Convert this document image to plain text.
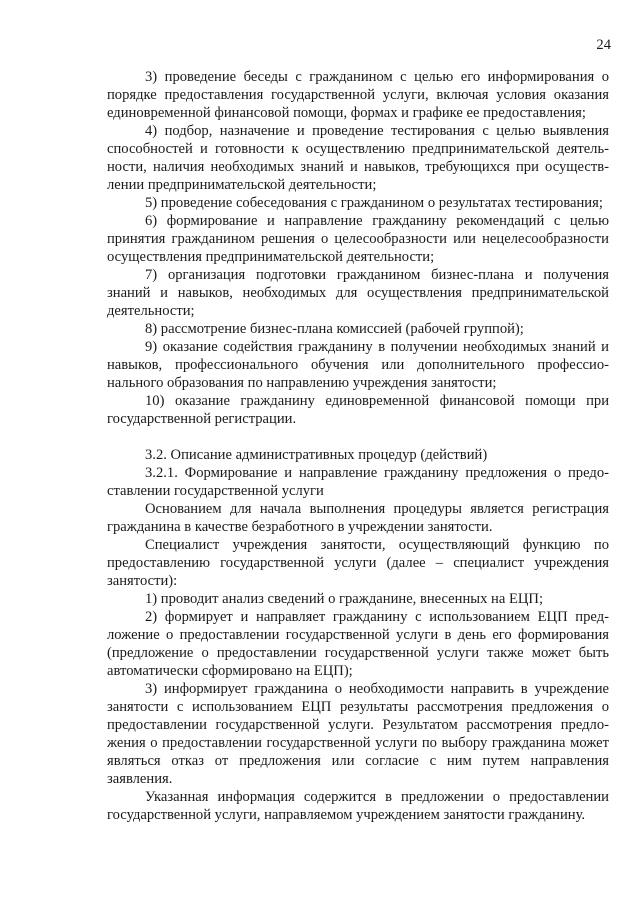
24

3) проведение беседы с гражданином с целью его информирования о порядке предоставления государственной услуги, включая условия оказания единовременной финансовой помощи, формах и графике ее предоставления;

4) подбор, назначение и проведение тестирования с целью выявления способностей и готовности к осуществлению предпринимательской деятельности, наличия необходимых знаний и навыков, требующихся при осуществлении предпринимательской деятельности;

5) проведение собеседования с гражданином о результатах тестирования;

6) формирование и направление гражданину рекомендаций с целью принятия гражданином решения о целесообразности или нецелесообразности осуществления предпринимательской деятельности;

7) организация подготовки гражданином бизнес-плана и получения знаний и навыков, необходимых для осуществления предпринимательской деятельности;

8) рассмотрение бизнес-плана комиссией (рабочей группой);

9) оказание содействия гражданину в получении необходимых знаний и навыков, профессионального обучения или дополнительного профессионального образования по направлению учреждения занятости;

10) оказание гражданину единовременной финансовой помощи при государственной регистрации.

3.2. Описание административных процедур (действий)

3.2.1. Формирование и направление гражданину предложения о предоставлении государственной услуги

Основанием для начала выполнения процедуры является регистрация гражданина в качестве безработного в учреждении занятости.

Специалист учреждения занятости, осуществляющий функцию по предоставлению государственной услуги (далее – специалист учреждения занятости):

1) проводит анализ сведений о гражданине, внесенных на ЕЦП;

2) формирует и направляет гражданину с использованием ЕЦП предложение о предоставлении государственной услуги в день его формирования (предложение о предоставлении государственной услуги также может быть автоматически сформировано на ЕЦП);

3) информирует гражданина о необходимости направить в учреждение занятости с использованием ЕЦП результаты рассмотрения предложения о предоставлении государственной услуги. Результатом рассмотрения предложения о предоставлении государственной услуги по выбору гражданина может являться отказ от предложения или согласие с ним путем направления заявления.

Указанная информация содержится в предложении о предоставлении государственной услуги, направляемом учреждением занятости гражданину.
